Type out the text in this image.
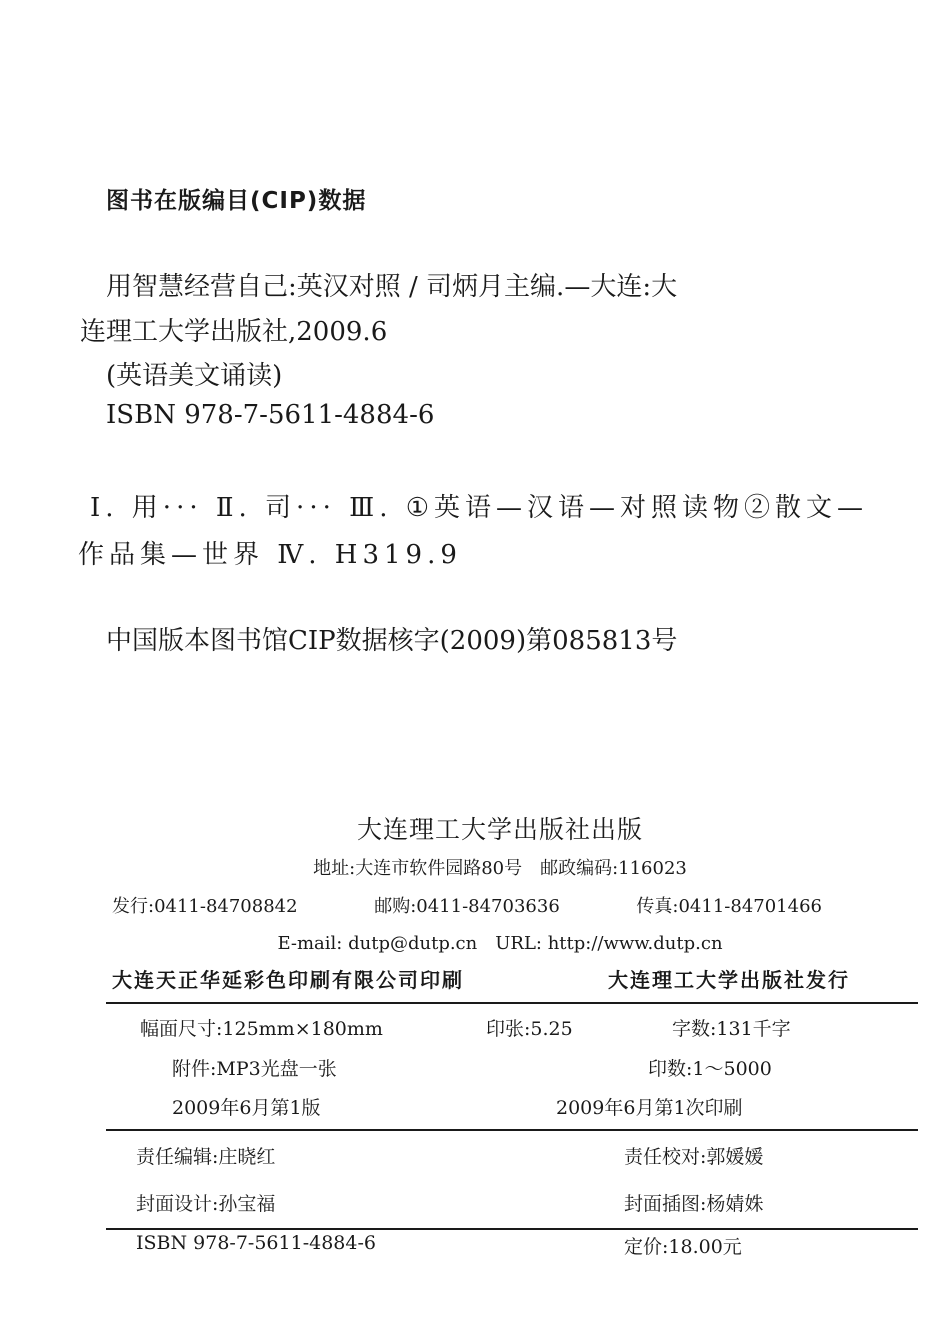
图书在版编目(CIP)数据
用智慧经营自己:英汉对照 / 司炳月主编.—大连:大
连理工大学出版社,2009.6
(英语美文诵读)
ISBN 978-7-5611-4884-6
Ⅰ. 用··· Ⅱ. 司··· Ⅲ. ①英语—汉语—对照读物②散文—
作品集—世界 Ⅳ. H319.9
中国版本图书馆CIP数据核字(2009)第085813号
大连理工大学出版社出版
地址:大连市软件园路80号　邮政编码:116023
发行:0411-84708842	邮购:0411-84703636	传真:0411-84701466
E-mail: dutp@dutp.cn　URL: http://www.dutp.cn
大连天正华延彩色印刷有限公司印刷	大连理工大学出版社发行
幅面尺寸:125mm×180mm	印张:5.25	字数:131千字
附件:MP3光盘一张	印数:1～5000
2009年6月第1版	2009年6月第1次印刷
责任编辑:庄晓红	责任校对:郭媛媛
封面设计:孙宝福	封面插图:杨婧姝
ISBN 978-7-5611-4884-6	定价:18.00元
